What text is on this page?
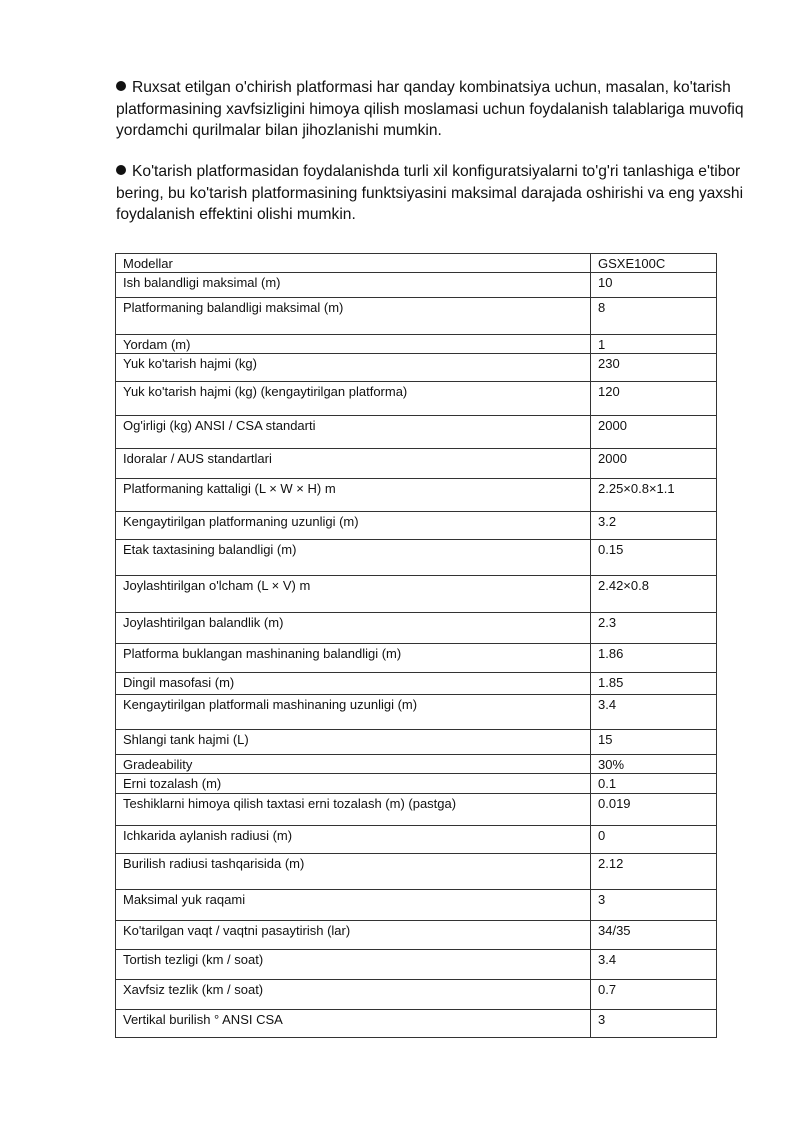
Ruxsat etilgan o'chirish platformasi har qanday kombinatsiya uchun, masalan, ko'tarish platformasining xavfsizligini himoya qilish moslamasi uchun foydalanish talablariga muvofiq yordamchi qurilmalar bilan jihozlanishi mumkin.
Ko'tarish platformasidan foydalanishda turli xil konfiguratsiyalarni to'g'ri tanlashiga e'tibor bering, bu ko'tarish platformasining funktsiyasini maksimal darajada oshirishi va eng yaxshi foydalanish effektini olishi mumkin.
Modellar	GSXE100C
Ish balandligi maksimal (m)	10
Platformaning balandligi maksimal (m)	8
Yordam (m)	1
Yuk ko'tarish hajmi (kg)	230
Yuk ko'tarish hajmi (kg) (kengaytirilgan platforma)	120
Og'irligi (kg) ANSI / CSA standarti	2000
Idoralar / AUS standartlari	2000
Platformaning kattaligi (L × W × H) m	2.25×0.8×1.1
Kengaytirilgan platformaning uzunligi (m)	3.2
Etak taxtasining balandligi (m)	0.15
Joylashtirilgan o'lcham (L × V) m	2.42×0.8
Joylashtirilgan balandlik (m)	2.3
Platforma buklangan mashinaning balandligi (m)	1.86
Dingil masofasi (m)	1.85
Kengaytirilgan platformali mashinaning uzunligi (m)	3.4
Shlangi tank hajmi (L)	15
Gradeability	30%
Erni tozalash (m)	0.1
Teshiklarni himoya qilish taxtasi erni tozalash (m) (pastga)	0.019
Ichkarida aylanish radiusi (m)	0
Burilish radiusi tashqarisida (m)	2.12
Maksimal yuk raqami	3
Ko'tarilgan vaqt / vaqtni pasaytirish (lar)	34/35
Tortish tezligi (km / soat)	3.4
Xavfsiz tezlik (km / soat)	0.7
Vertikal burilish ° ANSI CSA	3
